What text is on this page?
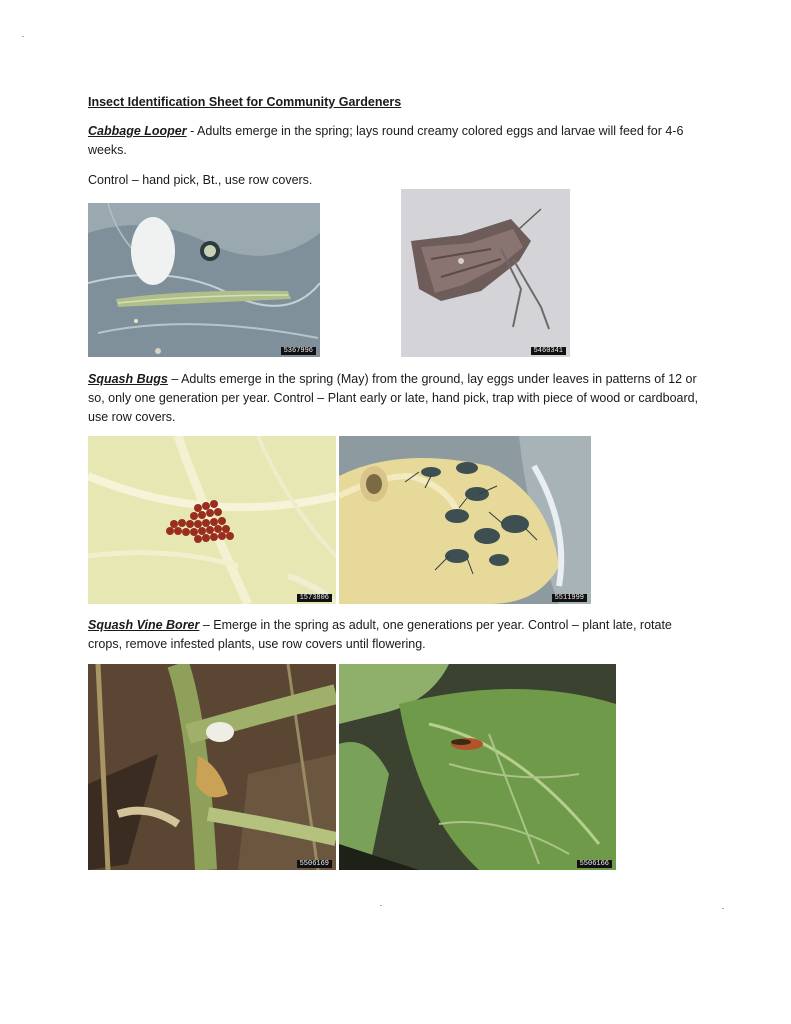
Insect Identification Sheet for Community Gardeners

Cabbage Looper - Adults emerge in the spring; lays round creamy colored eggs and larvae will feed for 4-6 weeks.

Control – hand pick, Bt., use row covers.

5367996	5460341

Squash Bugs – Adults emerge in the spring (May) from the ground, lay eggs under leaves in patterns of 12 or so, only one generation per year. Control – Plant early or late, hand pick, trap with piece of wood or cardboard, use row covers.

1573806	5511999

Squash Vine Borer – Emerge in the spring as adult, one generations per year. Control – plant late, rotate crops, remove infested plants, use row covers until flowering.

5506169	5506166
